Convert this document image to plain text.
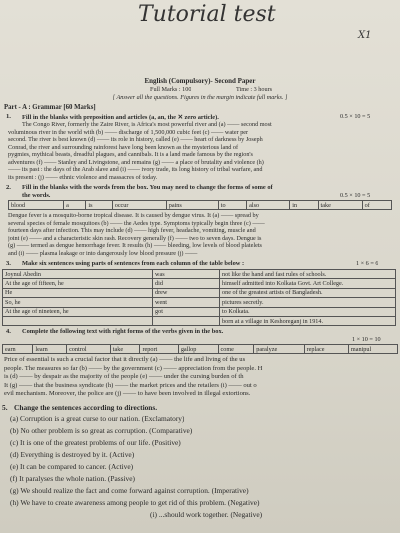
Tutorial test
X1
English (Compulsory)- Second Paper
Full Marks : 100	Time : 3 hours
[ Answer all the questions. Figures in the margin indicate full marks. ]
Part - A : Grammar [60 Marks]
1. Fill in the blanks with preposition and articles (a, an, the ✕ zero article).	0.5 × 10 = 5
The Congo River, formerly the Zaire River, is Africa's most powerful river and (a) —— second most
voluminous river in the world with (b) —— discharge of 1,500,000 cubic feet (c) —— water per
second. The river is best known (d) —— its role in history, called (e) —— heart of darkness by Joseph
Conrad, the river and surrounding rainforest have long been known as the mysterious land of
pygmies, mythical beasts, dreadful plagues, and cannibals. It is a land made famous by the region's
adventures (f) —— Stanley and Livingstone, and remains (g) —— a place of brutality and violence (h)
—— its past : the days of the Arab slave and (i) —— ivory trade, its long history of tribal warfare, and
its present : (j) —— ethnic violence and massacres of today.
2. Fill in the blanks with the words from the box. You may need to change the forms of some of
the words.	0.5 × 10 = 5
blood	a	is	occur	pains	to	also	in	take	of
Dengue fever is a mosquito-borne tropical disease. It is caused by dengue virus. It (a) —— spread by
several species of female mosquitoes (b) —— the Aedes type. Symptoms typically begin three (c) ——
fourteen days after infection. This may include (d) —— high fever, headache, vomiting, muscle and
joint (e) —— and a characteristic skin rash. Recovery generally (f) —— two to seven days. Dengue is
(g) —— termed as dengue hemorrhage fever. It results (h) —— bleeding, low levels of blood platelets
and (i) —— plasma leakage or into dangerously low blood pressure (j) ——
3. Make six sentences using parts of sentences from each column of the table below :	1 × 6 = 6
Joynul Abedin	was	not like the hand and fast rules of schools.
At the age of fifteen, he	did	himself admitted into Kolkata Govt. Art College.
He	drew	one of the greatest artists of Bangladesh.
So, he	went	pictures secretly.
At the age of nineteen, he	got	to Kolkata.
		born at a village in Keshoreganj in 1914.
4. Complete the following text with right forms of the verbs given in the box.
1 × 10 = 10
earn	learn	control	take	report	gallop	come	paralyze	replace	manipul
Price of essential is such a crucial factor that it directly (a) —— the life and living of the us
people. The measures so far (b) —— by the government (c) —— appreciation from the people. H
is (d) —— by despair as the majority of the people (e) —— under the cursing burden of th
It (g) —— that the business syndicate (h) —— the market prices and the retailers (i) —— out o
evil mechanism. Moreover, the police are (j) —— to have been involved in illegal extortions.
5. Change the sentences according to directions.
(a) Corruption is a great curse to our nation. (Exclamatory)
(b) No other problem is so great as corruption. (Comparative)
(c) It is one of the greatest problems of our life. (Positive)
(d) Everything is destroyed by it. (Active)
(e) It can be compared to cancer. (Active)
(f) It paralyses the whole nation. (Passive)
(g) We should realize the fact and come forward against corruption. (Imperative)
(h) We have to create awareness among people to get rid of this problem. (Negative)
(i) ...should work together. (Negative)
